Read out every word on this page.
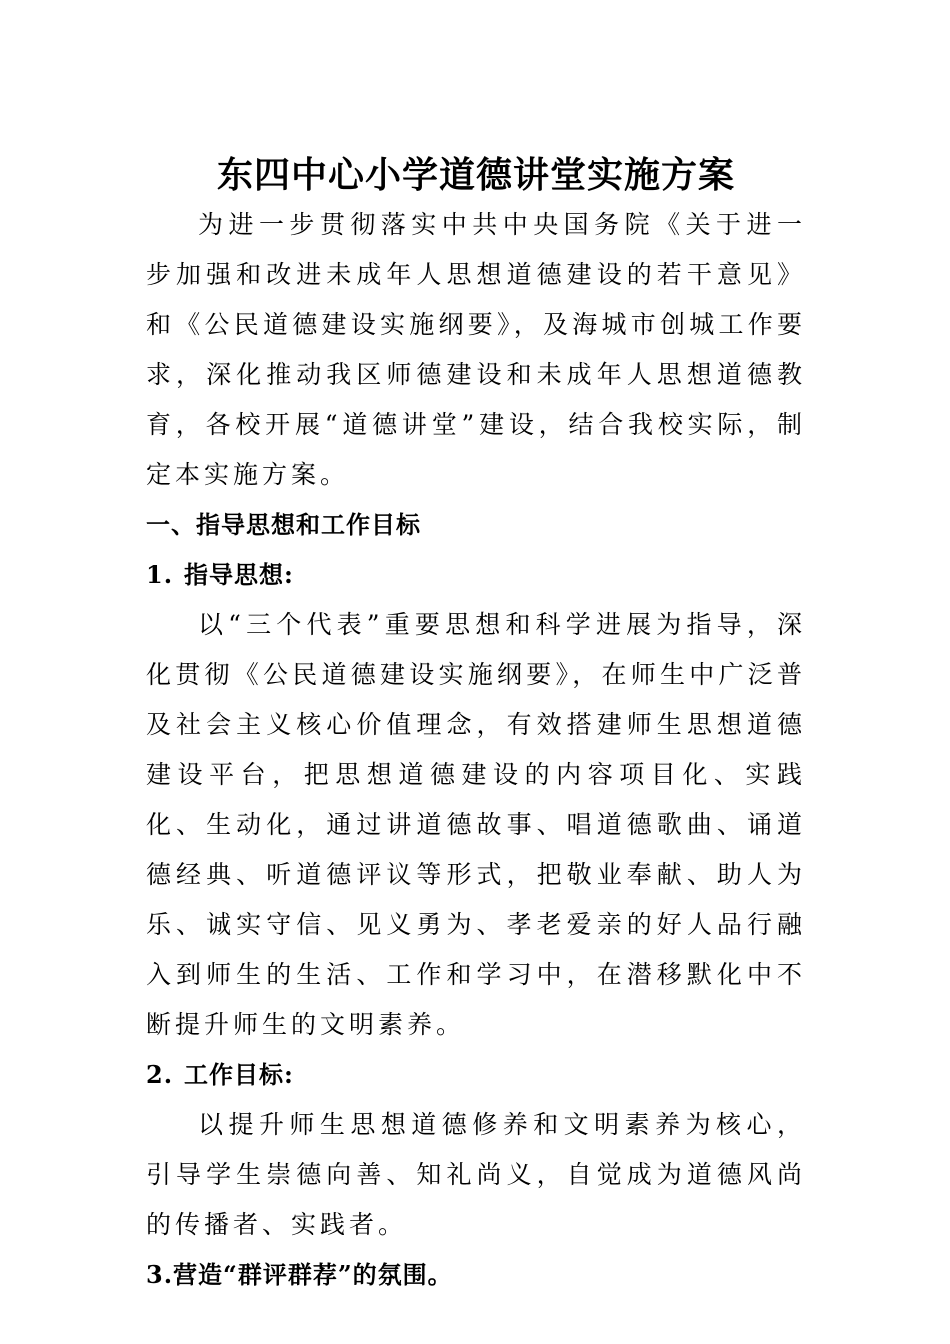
东四中心小学道德讲堂实施方案

为进一步贯彻落实中共中央国务院《关于进一步加强和改进未成年人思想道德建设的若干意见》和《公民道德建设实施纲要》，及海城市创城工作要求，深化推动我区师德建设和未成年人思想道德教育，各校开展“道德讲堂”建设，结合我校实际，制定本实施方案。

一、指导思想和工作目标
1. 指导思想:

以“三个代表”重要思想和科学进展为指导，深化贯彻《公民道德建设实施纲要》，在师生中广泛普及社会主义核心价值理念，有效搭建师生思想道德建设平台，把思想道德建设的内容项目化、实践化、生动化，通过讲道德故事、唱道德歌曲、诵道德经典、听道德评议等形式，把敬业奉献、助人为乐、诚实守信、见义勇为、孝老爱亲的好人品行融入到师生的生活、工作和学习中，在潜移默化中不断提升师生的文明素养。

2. 工作目标:

以提升师生思想道德修养和文明素养为核心，引导学生崇德向善、知礼尚义，自觉成为道德风尚的传播者、实践者。

3.营造“群评群荐”的氛围。
